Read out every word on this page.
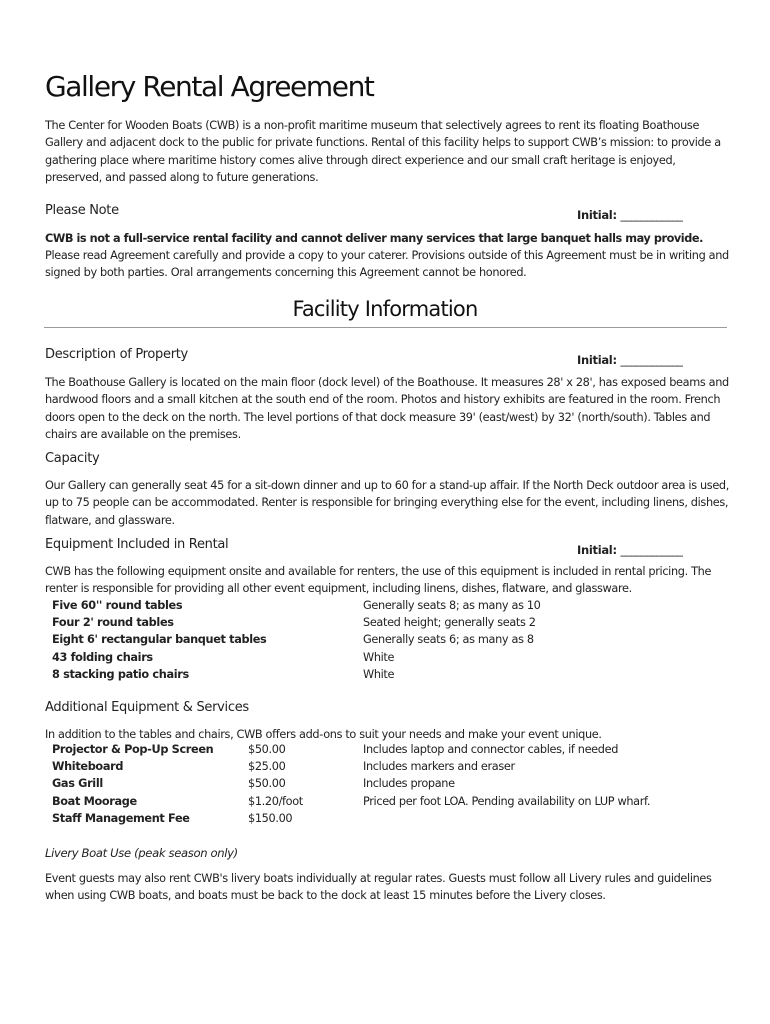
Gallery Rental Agreement

The Center for Wooden Boats (CWB) is a non-profit maritime museum that selectively agrees to rent its floating Boathouse Gallery and adjacent dock to the public for private functions. Rental of this facility helps to support CWB’s mission: to provide a gathering place where maritime history comes alive through direct experience and our small craft heritage is enjoyed, preserved, and passed along to future generations.

Please Note	Initial: ____________

CWB is not a full-service rental facility and cannot deliver many services that large banquet halls may provide.

Please read Agreement carefully and provide a copy to your caterer. Provisions outside of this Agreement must be in writing and signed by both parties. Oral arrangements concerning this Agreement cannot be honored.

Facility Information
Description of Property	Initial: ____________

The Boathouse Gallery is located on the main floor (dock level) of the Boathouse. It measures 28' x 28', has exposed beams and hardwood floors and a small kitchen at the south end of the room. Photos and history exhibits are featured in the room. French doors open to the deck on the north. The level portions of that dock measure 39' (east/west) by 32' (north/south). Tables and chairs are available on the premises.

Capacity

Our Gallery can generally seat 45 for a sit-down dinner and up to 60 for a stand-up affair. If the North Deck outdoor area is used, up to 75 people can be accommodated. Renter is responsible for bringing everything else for the event, including linens, dishes, flatware, and glassware.

Equipment Included in Rental	Initial: ____________

CWB has the following equipment onsite and available for renters, the use of this equipment is included in rental pricing. The renter is responsible for providing all other event equipment, including linens, dishes, flatware, and glassware.

Five 60'' round tables	Generally seats 8; as many as 10
Four 2' round tables	Seated height; generally seats 2
Eight 6' rectangular banquet tables	Generally seats 6; as many as 8
43 folding chairs	White
8 stacking patio chairs	White
Additional Equipment & Services

In addition to the tables and chairs, CWB offers add-ons to suit your needs and make your event unique.

Projector & Pop-Up Screen	$50.00	Includes laptop and connector cables, if needed
Whiteboard	$25.00	Includes markers and eraser
Gas Grill	$50.00	Includes propane
Boat Moorage	$1.20/foot	Priced per foot LOA. Pending availability on LUP wharf.
Staff Management Fee	$150.00	
Livery Boat Use (peak season only)

Event guests may also rent CWB's livery boats individually at regular rates. Guests must follow all Livery rules and guidelines when using CWB boats, and boats must be back to the dock at least 15 minutes before the Livery closes.
